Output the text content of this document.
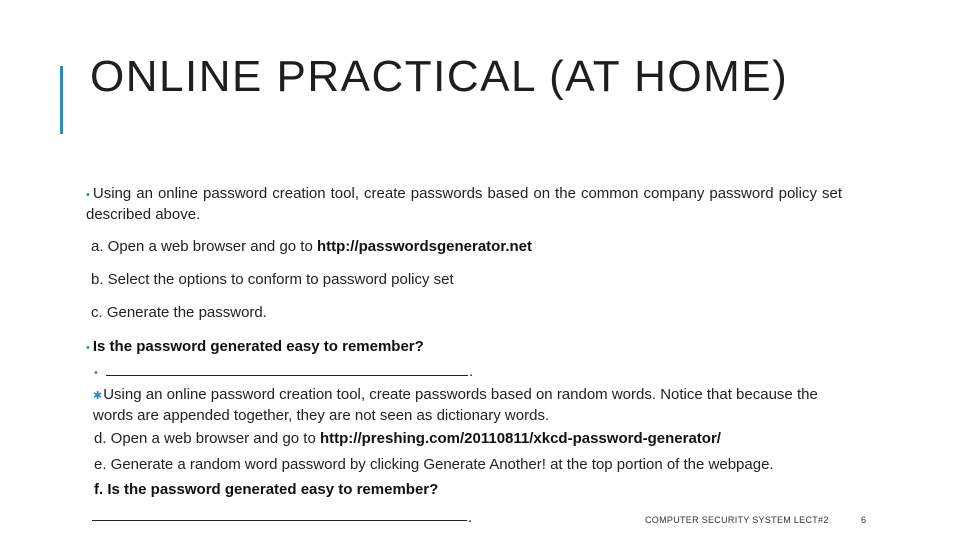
ONLINE PRACTICAL (AT HOME)
• Using an online password creation tool, create passwords based on the common company password policy set described above.
a. Open a web browser and go to http://passwordsgenerator.net
b. Select the options to conform to password policy set
c. Generate the password.
• Is the password generated easy to remember?
•	.
✱Using an online password creation tool, create passwords based on random words. Notice that because the words are appended together, they are not seen as dictionary words.
d. Open a web browser and go to http://preshing.com/20110811/xkcd-password-generator/
e. Generate a random word password by clicking Generate Another! at the top portion of the webpage.
f. Is the password generated easy to remember?
.	COMPUTER SECURITY SYSTEM LECT#2	6
